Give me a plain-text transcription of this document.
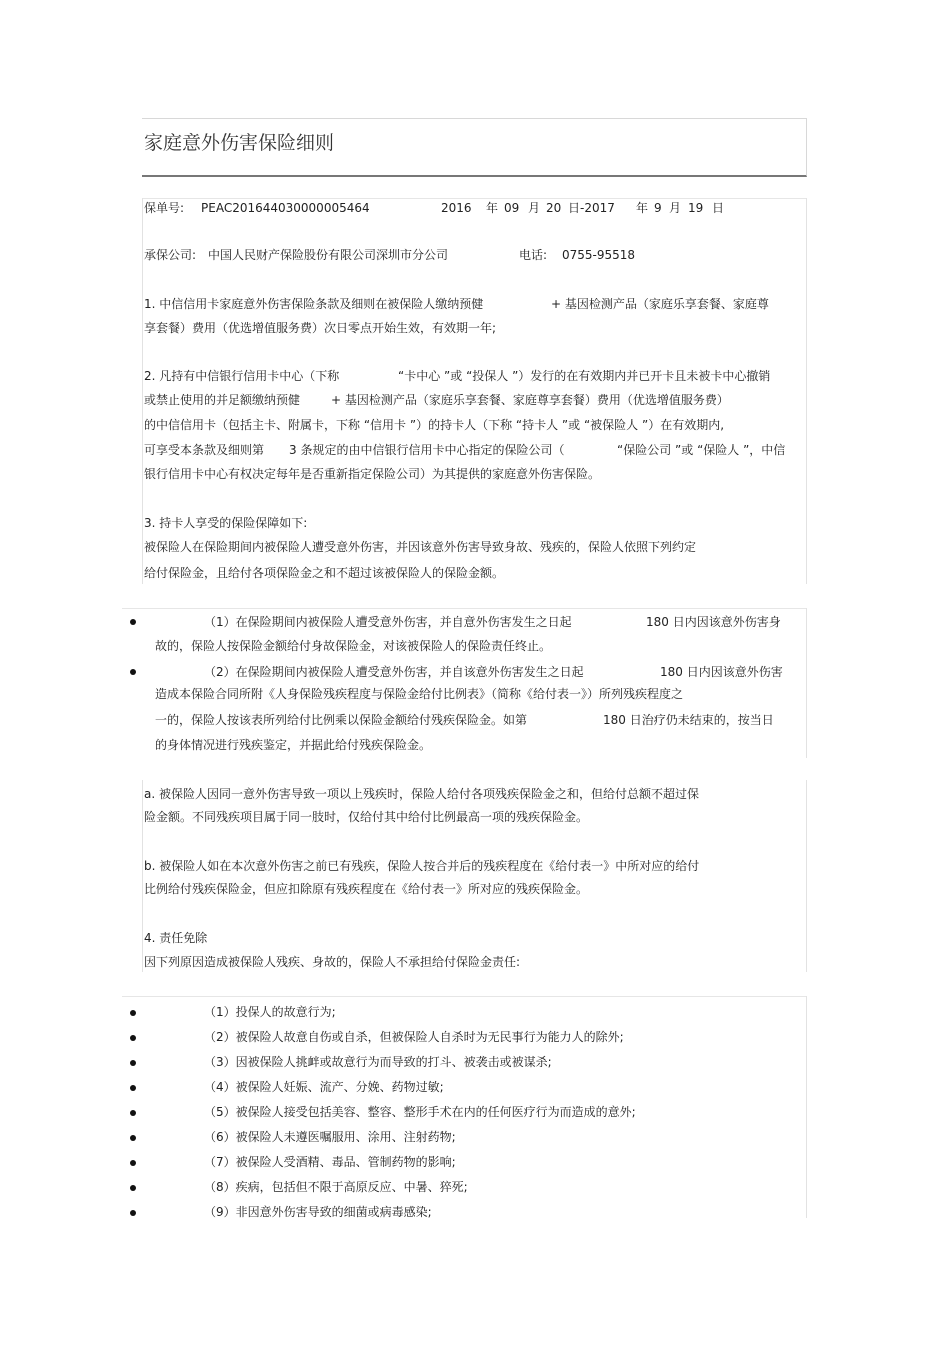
家庭意外伤害保险细则
保单号: PEAC201644030000005464	2016 年 09 月 20 日-2017 年 9 月 19 日
承保公司: 中国人民财产保险股份有限公司深圳市分公司	电话: 0755-95518
1. 中信信用卡家庭意外伤害保险条款及细则在被保险人缴纳预健	+ 基因检测产品（家庭乐享套餐、家庭尊
享套餐）费用（优选增值服务费）次日零点开始生效，有效期一年;
2. 凡持有中信银行信用卡中心（下称	“卡中心 ”或 “投保人 ”）发行的在有效期内并已开卡且未被卡中心撤销
或禁止使用的并足额缴纳预健	+ 基因检测产品（家庭乐享套餐、家庭尊享套餐）费用（优选增值服务费）
的中信信用卡（包括主卡、附属卡，下称 “信用卡 ”）的持卡人（下称 “持卡人 ”或 “被保险人 ”）在有效期内,
可享受本条款及细则第 3 条规定的由中信银行信用卡中心指定的保险公司（	“保险公司 ”或 “保险人 ”，中信
银行信用卡中心有权决定每年是否重新指定保险公司）为其提供的家庭意外伤害保险。
3. 持卡人享受的保险保障如下:
被保险人在保险期间内被保险人遭受意外伤害，并因该意外伤害导致身故、残疾的，保险人依照下列约定
给付保险金，且给付各项保险金之和不超过该被保险人的保险金额。
（1）在保险期间内被保险人遭受意外伤害，并自意外伤害发生之日起	180 日内因该意外伤害身
故的，保险人按保险金额给付身故保险金，对该被保险人的保险责任终止。
（2）在保险期间内被保险人遭受意外伤害，并自该意外伤害发生之日起	180 日内因该意外伤害
造成本保险合同所附《人身保险残疾程度与保险金给付比例表》（简称《给付表一》）所列残疾程度之
一的，保险人按该表所列给付比例乘以保险金额给付残疾保险金。如第	180 日治疗仍未结束的，按当日
的身体情况进行残疾鉴定，并据此给付残疾保险金。
a. 被保险人因同一意外伤害导致一项以上残疾时，保险人给付各项残疾保险金之和，但给付总额不超过保
险金额。不同残疾项目属于同一肢时，仅给付其中给付比例最高一项的残疾保险金。
b. 被保险人如在本次意外伤害之前已有残疾，保险人按合并后的残疾程度在《给付表一》中所对应的给付
比例给付残疾保险金，但应扣除原有残疾程度在《给付表一》所对应的残疾保险金。
4. 责任免除
因下列原因造成被保险人残疾、身故的，保险人不承担给付保险金责任:
（1）投保人的故意行为;
（2）被保险人故意自伤或自杀，但被保险人自杀时为无民事行为能力人的除外;
（3）因被保险人挑衅或故意行为而导致的打斗、被袭击或被谋杀;
（4）被保险人妊娠、流产、分娩、药物过敏;
（5）被保险人接受包括美容、整容、整形手术在内的任何医疗行为而造成的意外;
（6）被保险人未遵医嘱服用、涂用、注射药物;
（7）被保险人受酒精、毒品、管制药物的影响;
（8）疾病，包括但不限于高原反应、中暑、猝死;
（9）非因意外伤害导致的细菌或病毒感染;
